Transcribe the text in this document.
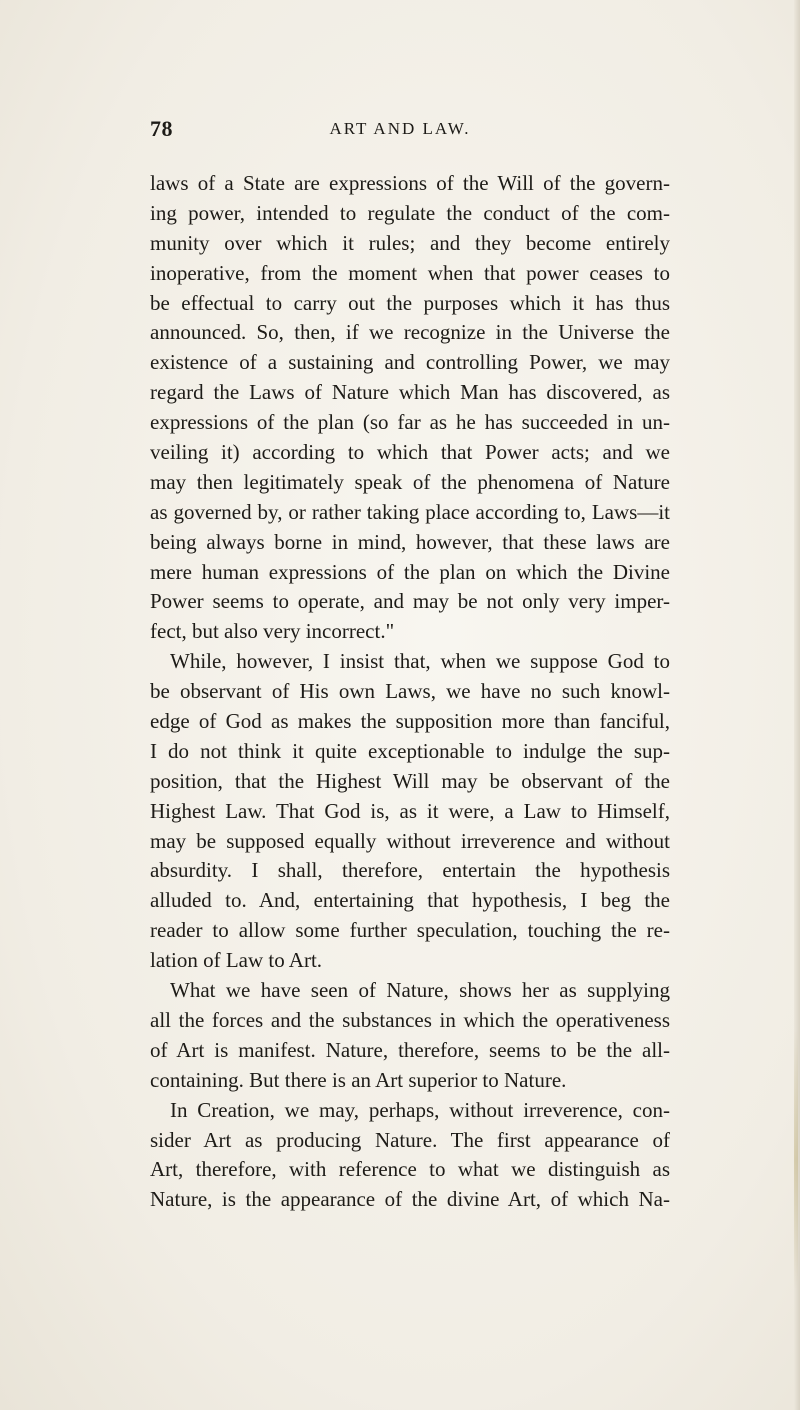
78	ART AND LAW.
laws of a State are expressions of the Will of the govern-
ing power, intended to regulate the conduct of the com-
munity over which it rules; and they become entirely
inoperative, from the moment when that power ceases to
be effectual to carry out the purposes which it has thus
announced. So, then, if we recognize in the Universe the
existence of a sustaining and controlling Power, we may
regard the Laws of Nature which Man has discovered, as
expressions of the plan (so far as he has succeeded in un-
veiling it) according to which that Power acts; and we
may then legitimately speak of the phenomena of Nature
as governed by, or rather taking place according to, Laws—it
being always borne in mind, however, that these laws are
mere human expressions of the plan on which the Divine
Power seems to operate, and may be not only very imper-
fect, but also very incorrect."
While, however, I insist that, when we suppose God to
be observant of His own Laws, we have no such knowl-
edge of God as makes the supposition more than fanciful,
I do not think it quite exceptionable to indulge the sup-
position, that the Highest Will may be observant of the
Highest Law. That God is, as it were, a Law to Himself,
may be supposed equally without irreverence and without
absurdity. I shall, therefore, entertain the hypothesis
alluded to. And, entertaining that hypothesis, I beg the
reader to allow some further speculation, touching the re-
lation of Law to Art.
What we have seen of Nature, shows her as supplying
all the forces and the substances in which the operativeness
of Art is manifest. Nature, therefore, seems to be the all-
containing. But there is an Art superior to Nature.
In Creation, we may, perhaps, without irreverence, con-
sider Art as producing Nature. The first appearance of
Art, therefore, with reference to what we distinguish as
Nature, is the appearance of the divine Art, of which Na-
